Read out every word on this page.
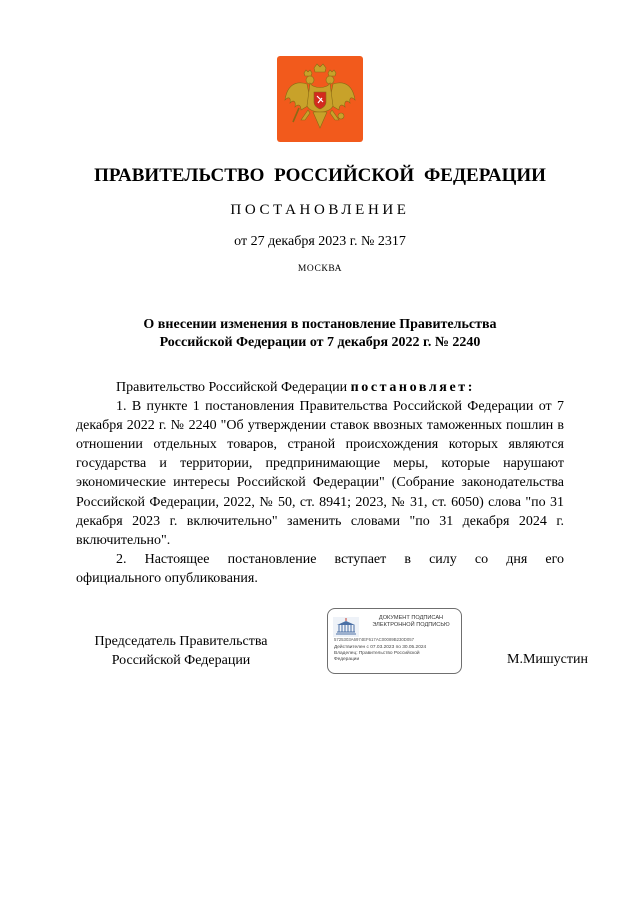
ПРАВИТЕЛЬСТВО РОССИЙСКОЙ ФЕДЕРАЦИИ
ПОСТАНОВЛЕНИЕ
от 27 декабря 2023 г. № 2317
МОСКВА
О внесении изменения в постановление Правительства
Российской Федерации от 7 декабря 2022 г. № 2240

Правительство Российской Федерации постановляет:

1. В пункте 1 постановления Правительства Российской Федерации от 7 декабря 2022 г. № 2240 "Об утверждении ставок ввозных таможенных пошлин в отношении отдельных товаров, страной происхождения которых являются государства и территории, предпринимающие меры, которые нарушают экономические интересы Российской Федерации" (Собрание законодательства Российской Федерации, 2022, № 50, ст. 8941; 2023, № 31, ст. 6050) слова "по 31 декабря 2023 г. включительно" заменить словами "по 31 декабря 2024 г. включительно".

2. Настоящее постановление вступает в силу со дня его

официального опубликования.

Председатель Правительства
Российской Федерации
ДОКУМЕНТ ПОДПИСАН
ЭЛЕКТРОННОЙ ПОДПИСЬЮ
5725303A6974EF617AC00089B230D057
Действителен с 07.03.2023 по 30.05.2024
Владелец: Правительство Российской
Федерации	М.Мишустин
